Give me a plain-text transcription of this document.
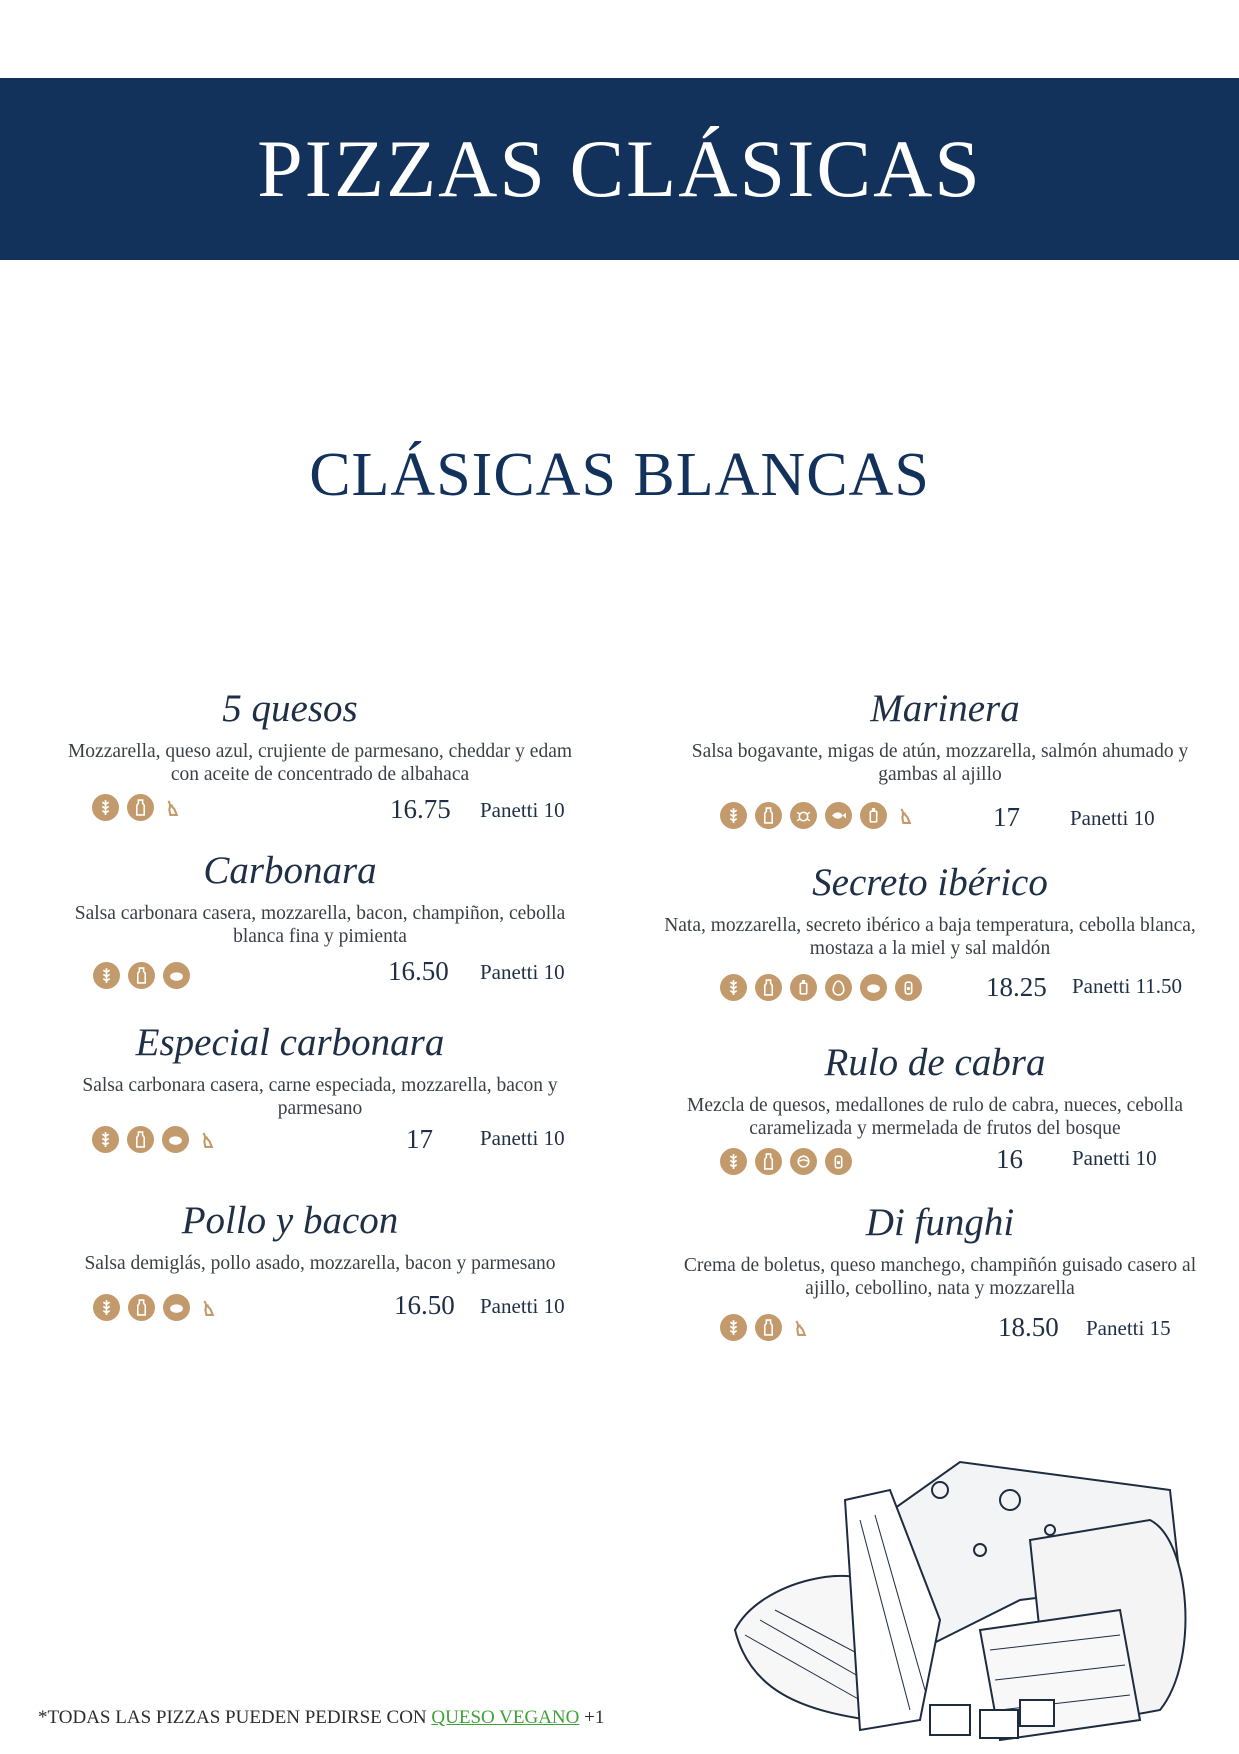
PIZZAS CLÁSICAS
CLÁSICAS BLANCAS
5 quesos
Mozzarella, queso azul, crujiente de parmesano, cheddar y edam con aceite de concentrado de albahaca
16.75 Panetti 10
Carbonara
Salsa carbonara casera, mozzarella, bacon, champiñon, cebolla blanca fina y pimienta
16.50 Panetti 10
Especial carbonara
Salsa carbonara casera, carne especiada, mozzarella, bacon y parmesano
17 Panetti 10
Pollo y bacon
Salsa demiglás, pollo asado, mozzarella, bacon y parmesano
16.50 Panetti 10
Marinera
Salsa bogavante, migas de atún, mozzarella, salmón ahumado y gambas al ajillo
17 Panetti 10
Secreto ibérico
Nata, mozzarella, secreto ibérico a baja temperatura, cebolla blanca, mostaza a la miel y sal maldón
18.25 Panetti 11.50
Rulo de cabra
Mezcla de quesos, medallones de rulo de cabra, nueces, cebolla caramelizada y mermelada de frutos del bosque
16 Panetti 10
Di funghi
Crema de boletus, queso manchego, champiñón guisado casero al ajillo, cebollino, nata y mozzarella
18.50 Panetti 15

*TODAS LAS PIZZAS PUEDEN PEDIRSE CON QUESO VEGANO +1
